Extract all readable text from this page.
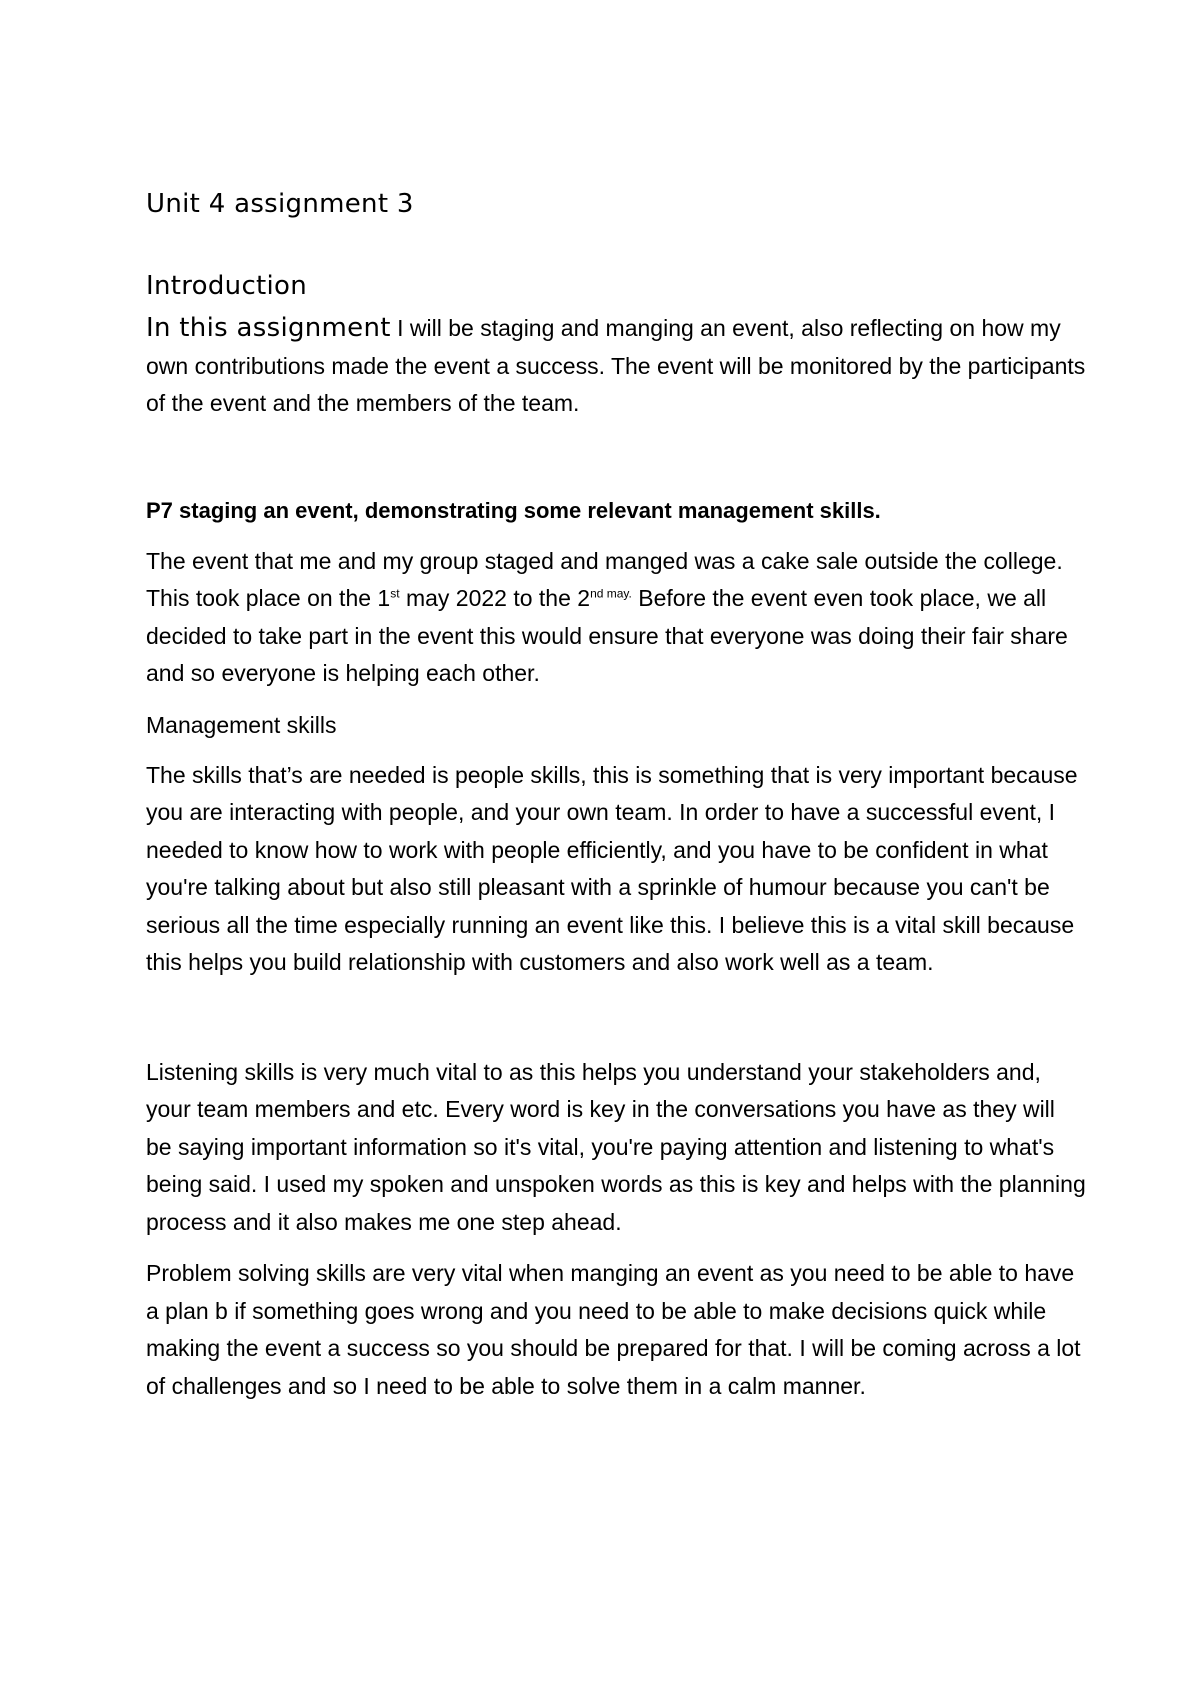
Unit 4 assignment 3
Introduction

In this assignment I will be staging and manging an event, also reflecting on how my own contributions made the event a success. The event will be monitored by the participants of the event and the members of the team.

P7 staging an event, demonstrating some relevant management skills.

The event that me and my group staged and manged was a cake sale outside the college. This took place on the 1st may 2022 to the $2^{nd may.}$ Before the event even took place, we all decided to take part in the event this would ensure that everyone was doing their fair share and so everyone is helping each other.

Management skills

The skills that’s are needed is people skills, this is something that is very important because you are interacting with people, and your own team. In order to have a successful event, I needed to know how to work with people efficiently, and you have to be confident in what you're talking about but also still pleasant with a sprinkle of humour because you can't be serious all the time especially running an event like this. I believe this is a vital skill because this helps you build relationship with customers and also work well as a team.

Listening skills is very much vital to as this helps you understand your stakeholders and, your team members and etc. Every word is key in the conversations you have as they will be saying important information so it's vital, you're paying attention and listening to what's being said. I used my spoken and unspoken words as this is key and helps with the planning process and it also makes me one step ahead.

Problem solving skills are very vital when manging an event as you need to be able to have a plan b if something goes wrong and you need to be able to make decisions quick while making the event a success so you should be prepared for that. I will be coming across a lot of challenges and so I need to be able to solve them in a calm manner.
